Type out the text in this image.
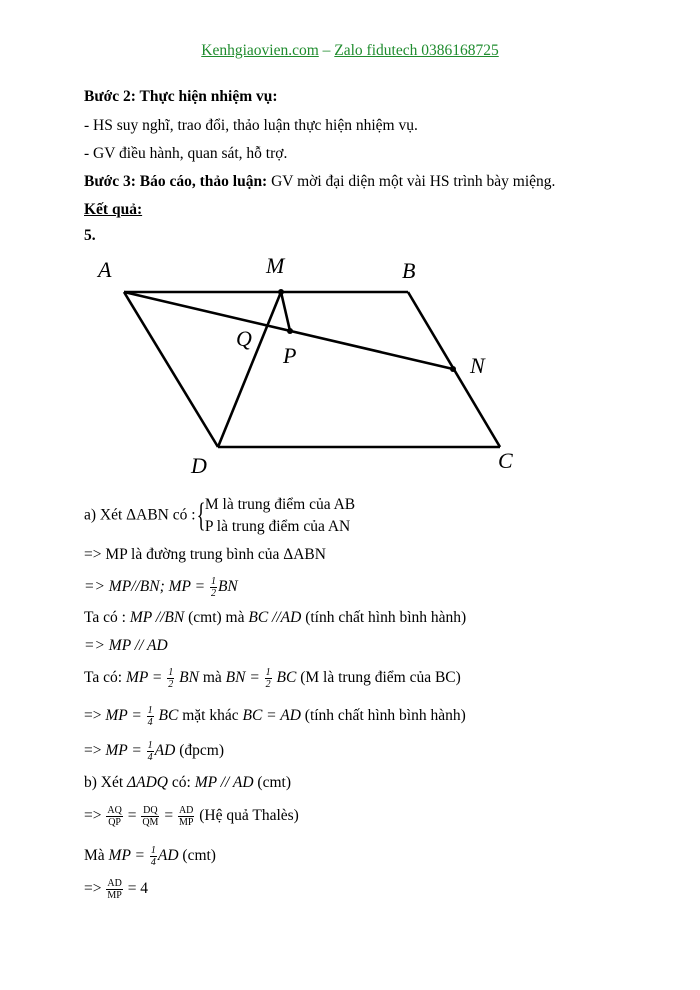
Kenhgiaovien.com – Zalo fidutech 0386168725
Bước 2: Thực hiện nhiệm vụ:
- HS suy nghĩ, trao đổi, thảo luận thực hiện nhiệm vụ.
- GV điều hành, quan sát, hỗ trợ.
Bước 3: Báo cáo, thảo luận: GV mời đại diện một vài HS trình bày miệng.
Kết quả:
5.
A	M	B
Q
P	N
D	C
a) Xét ΔABN có :{ M là trung điểm của AB
P là trung điểm của AN
=> MP là đường trung bình của ΔABN
=> MP//BN; MP = $\frac{1}{2}$ BN
Ta có : MP //BN (cmt) mà BC //AD (tính chất hình bình hành)
=> MP // AD
Ta có: MP = $\frac{1}{2}$ BN mà BN = $\frac{1}{2}$ BC (M là trung điểm của BC)
=> MP = $\frac{1}{4}$ BC mặt khác BC = AD (tính chất hình bình hành)
=> MP = $\frac{1}{4}$ AD (đpcm)
b) Xét ΔADQ có: MP // AD (cmt)
=> $\frac{AQ}{QP} = \frac{DQ}{QM} = \frac{AD}{MP}$ (Hệ quả Thalès)
Mà MP = $\frac{1}{4}$ AD (cmt)
=> $\frac{AD}{MP} = 4$
